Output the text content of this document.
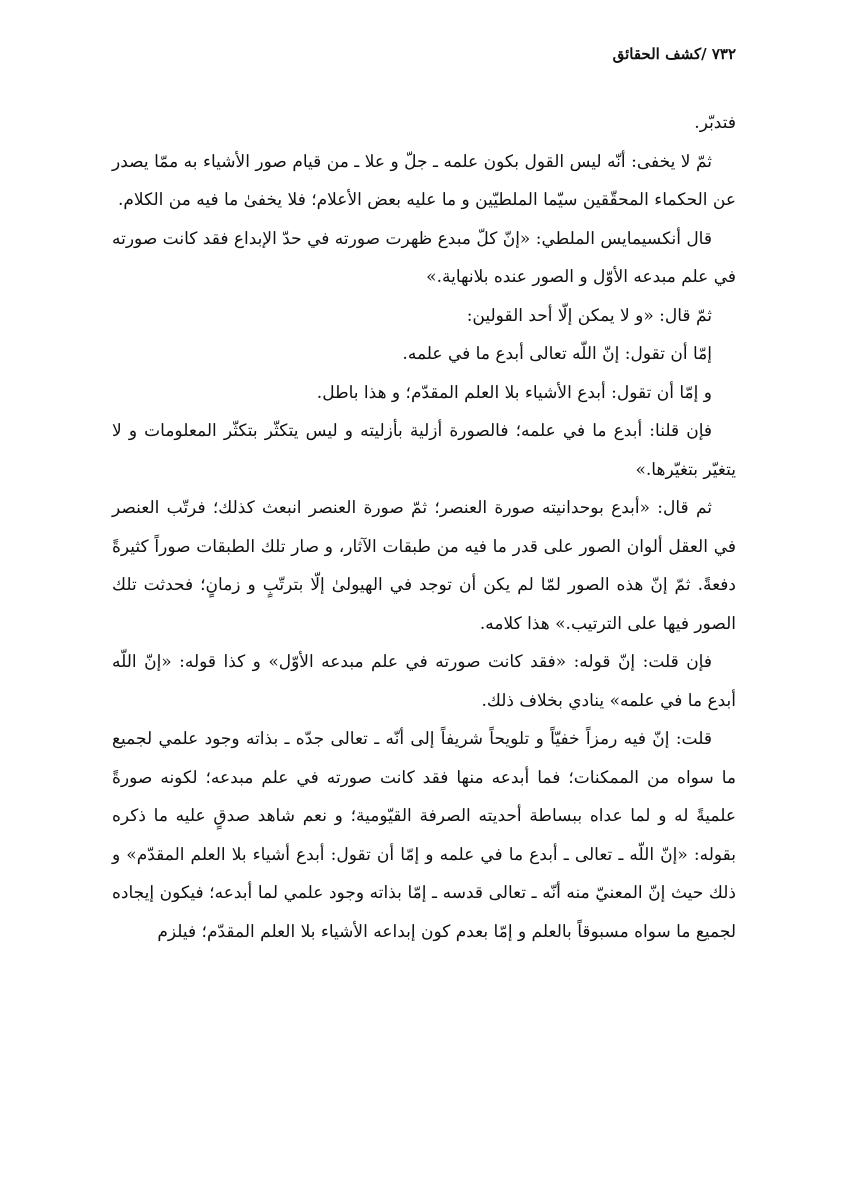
۷۳۲ /کشف الحقائق

فتدبّر.

ثمّ لا يخفى: أنّه ليس القول بكون علمه ـ جلّ و علا ـ من قيام صور الأشياء به ممّا يصدر عن الحكماء المحقّقين سيّما الملطيّين و ما عليه بعض الأعلام؛ فلا يخفىٰ ما فيه من الكلام.

قال أنكسيمايس الملطي: «إنّ كلّ مبدع ظهرت صورته في حدّ الإبداع فقد كانت صورته في علم مبدعه الأوّل و الصور عنده بلانهاية.»

ثمّ قال: «و لا يمكن إلّا أحد القولين:

إمّا أن تقول: إنّ اللّه تعالى أبدع ما في علمه.

و إمّا أن تقول: أبدع الأشياء بلا العلم المقدّم؛ و هذا باطل.

فإن قلنا: أبدع ما في علمه؛ فالصورة أزلية بأزليته و ليس يتكثّر بتكثّر المعلومات و لا يتغيّر بتغيّرها.»

ثم قال: «أبدع بوحدانيته صورة العنصر؛ ثمّ صورة العنصر انبعث كذلك؛ فرتّب العنصر في العقل ألوان الصور على قدر ما فيه من طبقات الآثار، و صار تلك الطبقات صوراً كثيرةً دفعةً. ثمّ إنّ هذه الصور لمّا لم يكن أن توجد في الهيولىٰ إلّا بترتّبٍ و زمانٍ؛ فحدثت تلك الصور فيها على الترتيب.» هذا كلامه.

فإن قلت: إنّ قوله: «فقد كانت صورته في علم مبدعه الأوّل» و كذا قوله: «إنّ اللّه أبدع ما في علمه» ينادي بخلاف ذلك.

قلت: إنّ فيه رمزاً خفيّاً و تلويحاً شريفاً إلى أنّه ـ تعالى جدّه ـ بذاته وجود علمي لجميع ما سواه من الممكنات؛ فما أبدعه منها فقد كانت صورته في علم مبدعه؛ لكونه صورةً علميةً له و لما عداه ببساطة أحديته الصرفة القيّومية؛ و نعم شاهد صدقٍ عليه ما ذكره بقوله: «إنّ اللّه ـ تعالى ـ أبدع ما في علمه و إمّا أن تقول: أبدع أشياء بلا العلم المقدّم» و ذلك حيث إنّ المعنيّ منه أنّه ـ تعالى قدسه ـ إمّا بذاته وجود علمي لما أبدعه؛ فيكون إيجاده لجميع ما سواه مسبوقاً بالعلم و إمّا بعدم كون إبداعه الأشياء بلا العلم المقدّم؛ فيلزم
